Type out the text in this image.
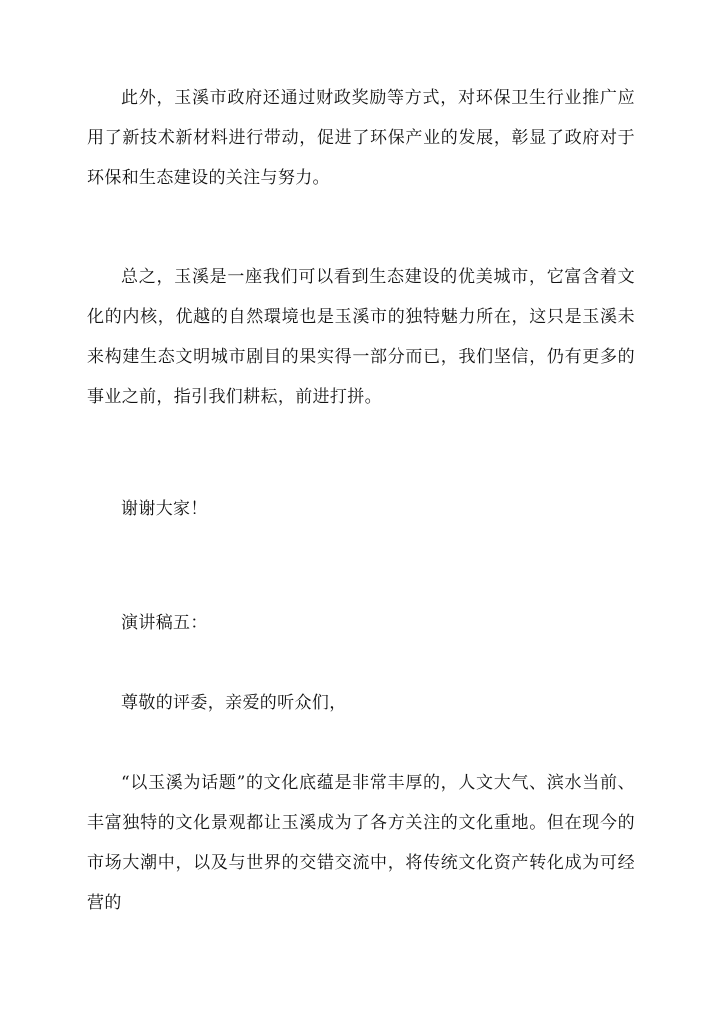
此外，玉溪市政府还通过财政奖励等方式，对环保卫生行业推广应用了新技术新材料进行带动，促进了环保产业的发展，彰显了政府对于环保和生态建设的关注与努力。

总之，玉溪是一座我们可以看到生态建设的优美城市，它富含着文化的内核，优越的自然環境也是玉溪市的独特魅力所在，这只是玉溪未来构建生态文明城市剧目的果实得一部分而已，我们坚信，仍有更多的事业之前，指引我们耕耘，前进打拼。

谢谢大家！

演讲稿五：

尊敬的评委，亲爱的听众们，

“以玉溪为话题”的文化底蕴是非常丰厚的，人文大气、滨水当前、丰富独特的文化景观都让玉溪成为了各方关注的文化重地。但在现今的市场大潮中，以及与世界的交错交流中，将传统文化资产转化成为可经营的
